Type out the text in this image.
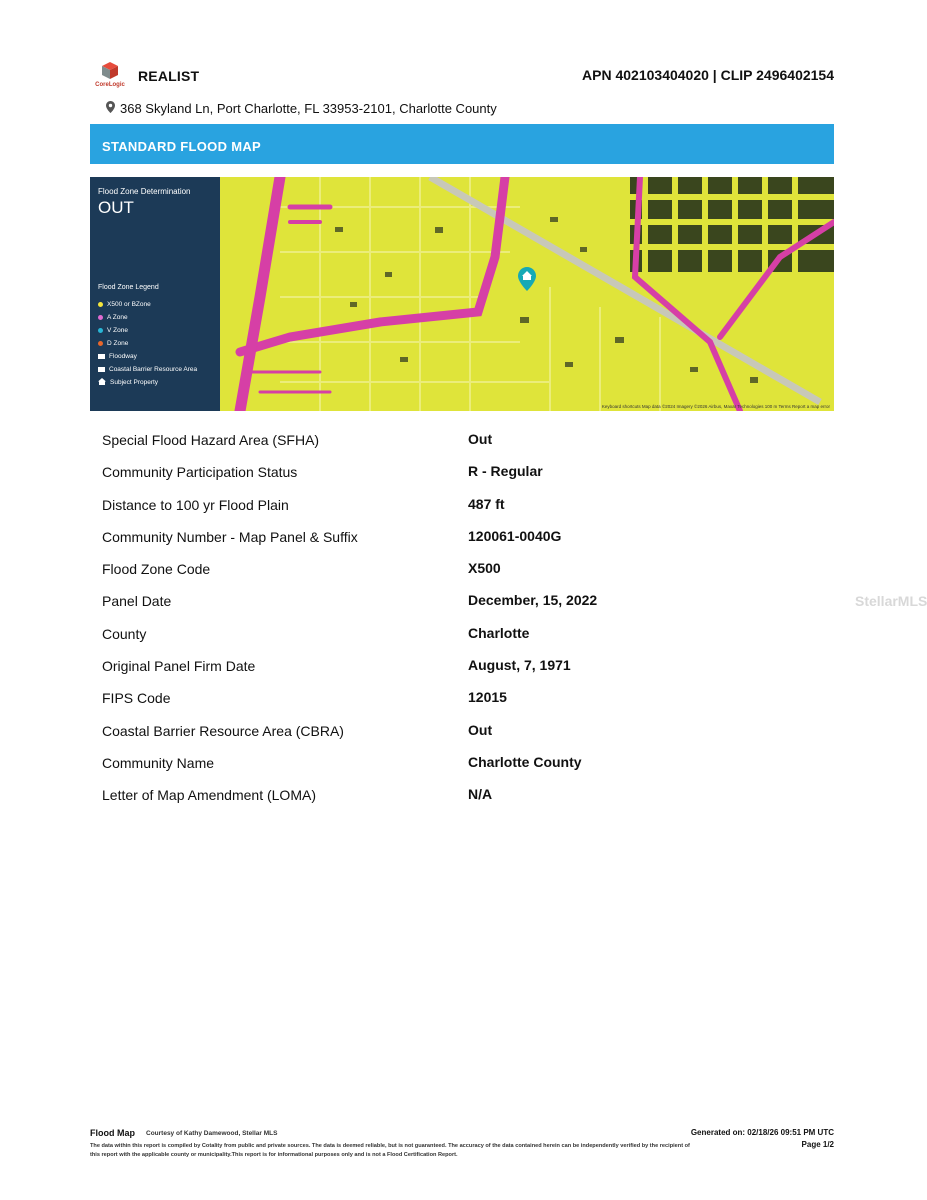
CoreLogic
REALIST	APN 402103404020 | CLIP 2496402154
368 Skyland Ln, Port Charlotte, FL 33953-2101, Charlotte County
STANDARD FLOOD MAP
Flood Zone Determination
OUT
Flood Zone Legend
X500 or BZone
A Zone
V Zone
D Zone
Floodway
Coastal Barrier Resource Area
Subject Property
Keyboard shortcuts Map data ©2024 Imagery ©2026 Airbus, Maxar Technologies 100 m Terms Report a map error
Special Flood Hazard Area (SFHA)	Out
Community Participation Status	R - Regular
Distance to 100 yr Flood Plain	487 ft
Community Number - Map Panel & Suffix	120061-0040G
Flood Zone Code	X500
Panel Date	December, 15, 2022
County	Charlotte
Original Panel Firm Date	August, 7, 1971
FIPS Code	12015
Coastal Barrier Resource Area (CBRA)	Out
Community Name	Charlotte County
Letter of Map Amendment (LOMA)	N/A
StellarMLS
Flood Map Courtesy of Kathy Damewood, Stellar MLS
The data within this report is compiled by Cotality from public and private sources. The data is deemed reliable, but is not guaranteed. The accuracy of the data contained herein can be independently verified by the recipient of this report with the applicable county or municipality.This report is for informational purposes only and is not a Flood Certification Report.
Generated on: 02/18/26 09:51 PM UTC
Page 1/2
